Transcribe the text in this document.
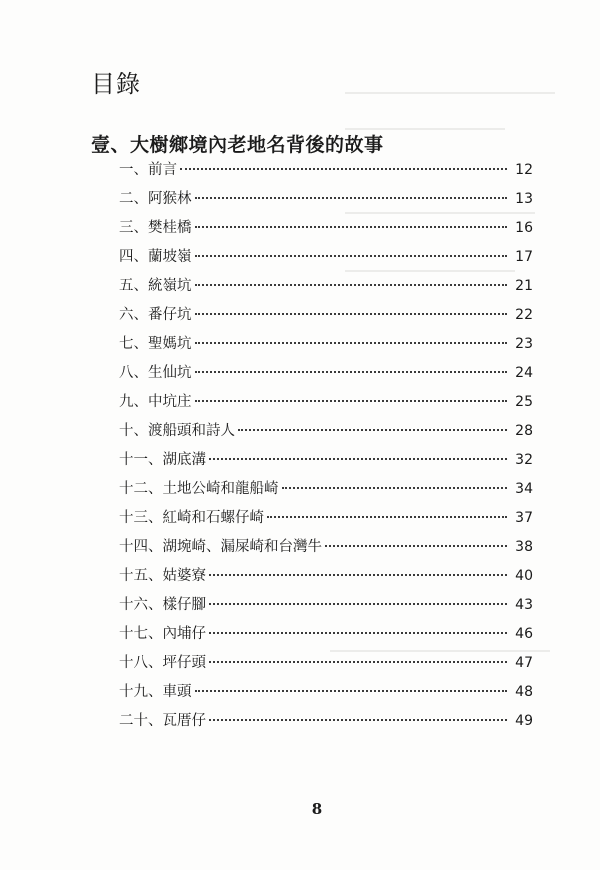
目錄
壹、大樹鄉境內老地名背後的故事
一、前言	12
二、阿猴林	13
三、樊桂橋	16
四、蘭坡嶺	17
五、統嶺坑	21
六、番仔坑	22
七、聖媽坑	23
八、生仙坑	24
九、中坑庄	25
十、渡船頭和詩人	28
十一、湖底溝	32
十二、土地公崎和龍船崎	34
十三、紅崎和石螺仔崎	37
十四、湖埦崎、漏屎崎和台灣牛	38
十五、姑婆寮	40
十六、樣仔腳	43
十七、內埔仔	46
十八、坪仔頭	47
十九、車頭	48
二十、瓦厝仔	49
8
